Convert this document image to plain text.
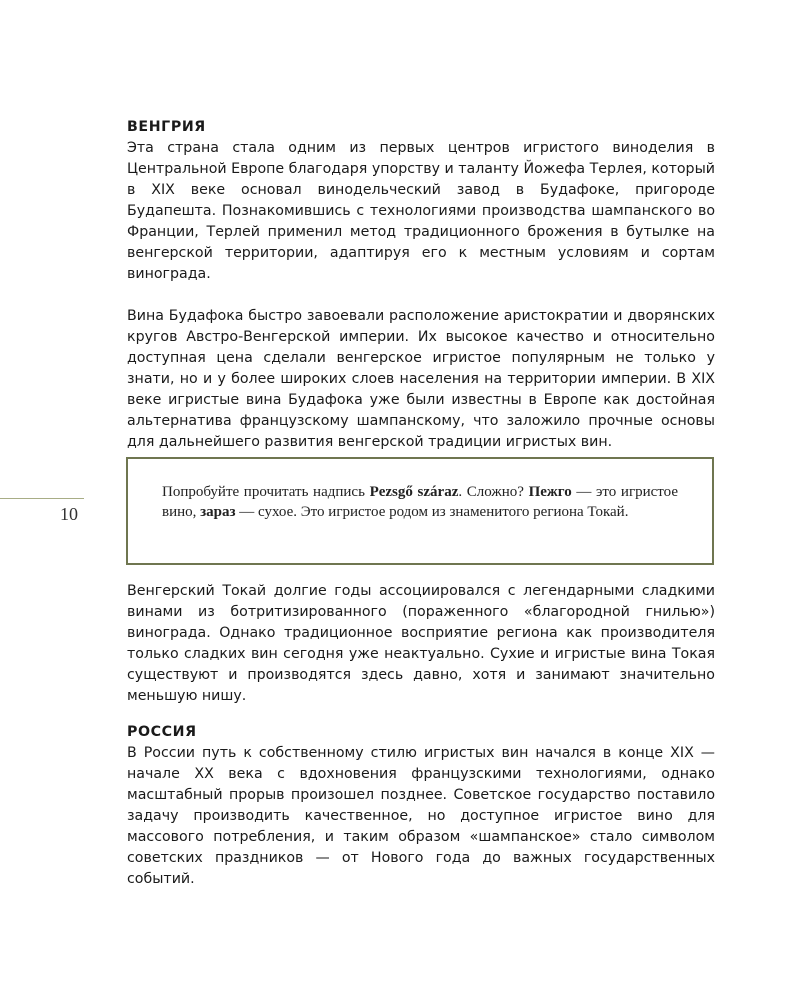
10
ВЕНГРИЯ

Эта страна стала одним из первых центров игристого виноделия в Центральной Европе благодаря упорству и таланту Йожефа Терлея, который в XIX веке основал винодельческий завод в Будафоке, пригороде Будапешта. Познакомившись с технологиями производства шампанского во Франции, Терлей применил метод традиционного брожения в бутылке на венгерской территории, адаптируя его к местным условиям и сортам винограда.

Вина Будафока быстро завоевали расположение аристократии и дворянских кругов Австро-Венгерской империи. Их высокое качество и относительно доступная цена сделали венгерское игристое популярным не только у знати, но и у более широких слоев населения на территории империи. В XIX веке игристые вина Будафока уже были известны в Европе как достойная альтернатива французскому шампанскому, что заложило прочные основы для дальнейшего развития венгерской традиции игристых вин.

Попробуйте прочитать надпись Pezsgő száraz. Сложно? Пежго — это игристое вино, зараз — сухое. Это игристое родом из знаменитого региона Токай.

Венгерский Токай долгие годы ассоциировался с легендарными сладкими винами из ботритизированного (пораженного «благородной гнилью») винограда. Однако традиционное восприятие региона как производителя только сладких вин сегодня уже неактуально. Сухие и игристые вина Токая существуют и производятся здесь давно, хотя и занимают значительно меньшую нишу.

РОССИЯ

В России путь к собственному стилю игристых вин начался в конце XIX — начале XX века с вдохновения французскими технологиями, однако масштабный прорыв произошел позднее. Советское государство поставило задачу производить качественное, но доступное игристое вино для массового потребления, и таким образом «шампанское» стало символом советских праздников — от Нового года до важных государственных событий.
